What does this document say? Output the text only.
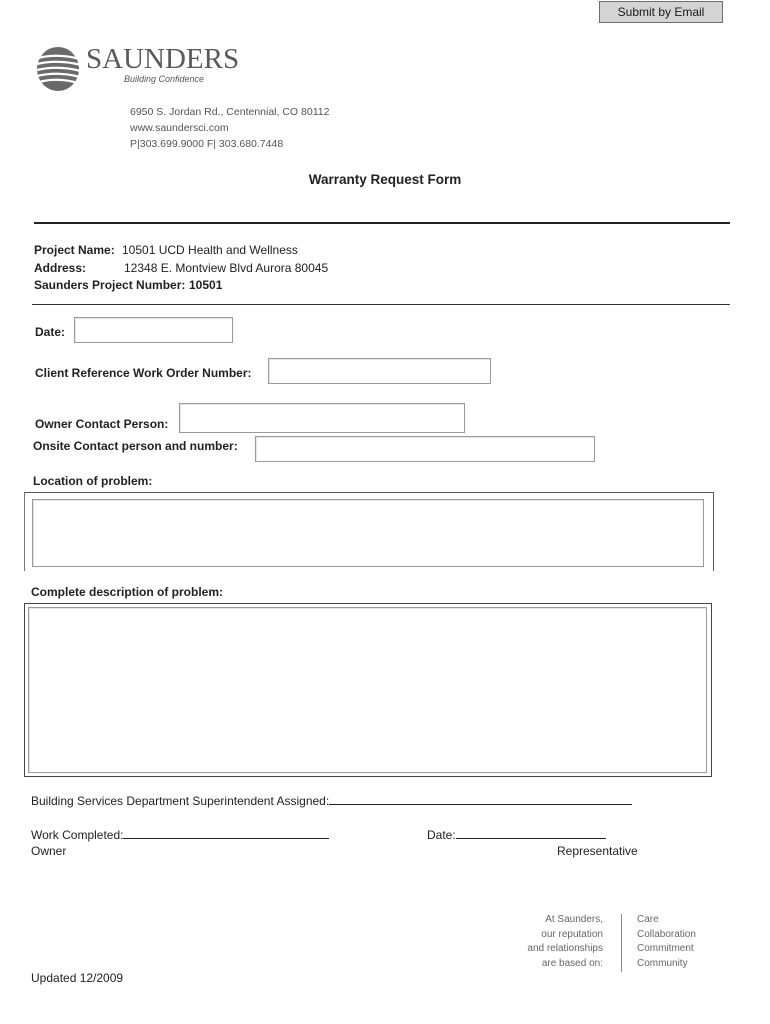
Submit by Email
SAUNDERS
Building Confidence
6950 S. Jordan Rd., Centennial, CO 80112
www.saundersci.com
P|303.699.9000 F| 303.680.7448
Warranty Request Form
Project Name: 10501 UCD Health and Wellness
Address:	12348 E. Montview Blvd Aurora 80045
Saunders Project Number: 10501
Date:
Client Reference Work Order Number:
Owner Contact Person:
Onsite Contact person and number:
Location of problem:
Complete description of problem:
Building Services Department Superintendent Assigned:
Work Completed:
Owner
Date:
Representative
At Saunders,
our reputation
and relationships
are based on:
Care
Collaboration
Commitment
Community
Updated 12/2009
